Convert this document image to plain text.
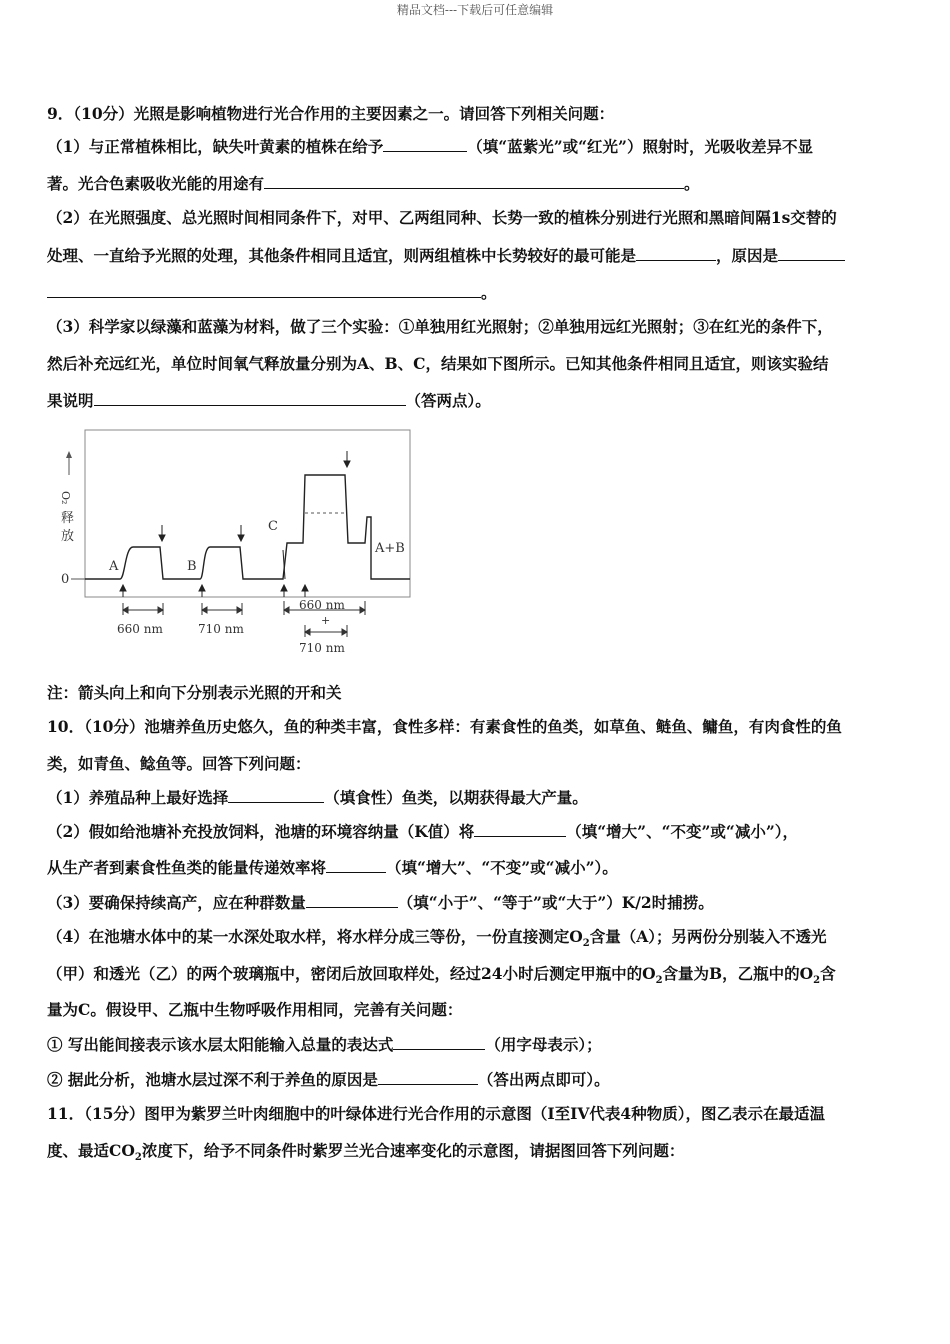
精品文档---下载后可任意编辑
9．（10分）光照是影响植物进行光合作用的主要因素之一。请回答下列相关问题：
（1）与正常植株相比，缺失叶黄素的植株在给予	（填“蓝紫光”或“红光”）照射时，光吸收差异不显
著。光合色素吸收光能的用途有	。
（2）在光照强度、总光照时间相同条件下，对甲、乙两组同种、长势一致的植株分别进行光照和黑暗间隔1s交替的
处理、一直给予光照的处理，其他条件相同且适宜，则两组植株中长势较好的最可能是	，原因是
。
（3）科学家以绿藻和蓝藻为材料，做了三个实验：①单独用红光照射；②单独用远红光照射；③在红光的条件下，
然后补充远红光，单位时间氧气释放量分别为A、B、C，结果如下图所示。已知其他条件相同且适宜，则该实验结
果说明	（答两点）。
O₂
释
放
0
A	B
C
A+B
660 nm	710 nm
660 nm
+
710 nm
注：箭头向上和向下分别表示光照的开和关
10．（10分）池塘养鱼历史悠久，鱼的种类丰富，食性多样：有素食性的鱼类，如草鱼、鲢鱼、鳙鱼，有肉食性的鱼
类，如青鱼、鲶鱼等。回答下列问题：
（1）养殖品种上最好选择	（填食性）鱼类，以期获得最大产量。
（2）假如给池塘补充投放饲料，池塘的环境容纳量（K值）将	（填“增大”、“不变”或“减小”），
从生产者到素食性鱼类的能量传递效率将	（填“增大”、“不变”或“减小”）。
（3）要确保持续高产，应在种群数量	（填“小于”、“等于”或“大于”）K/2时捕捞。
（4）在池塘水体中的某一水深处取水样，将水样分成三等份，一份直接测定$O_2$含量（A）；另两份分别装入不透光
（甲）和透光（乙）的两个玻璃瓶中，密闭后放回取样处，经过24小时后测定甲瓶中的$O_2$含量为B，乙瓶中的$O_2$含
量为C。假设甲、乙瓶中生物呼吸作用相同，完善有关问题：
① 写出能间接表示该水层太阳能输入总量的表达式	（用字母表示）；
② 据此分析，池塘水层过深不利于养鱼的原因是	（答出两点即可）。
11．（15分）图甲为紫罗兰叶肉细胞中的叶绿体进行光合作用的示意图（I至IV代表4种物质），图乙表示在最适温
度、最适$CO_2$浓度下，给予不同条件时紫罗兰光合速率变化的示意图，请据图回答下列问题：
